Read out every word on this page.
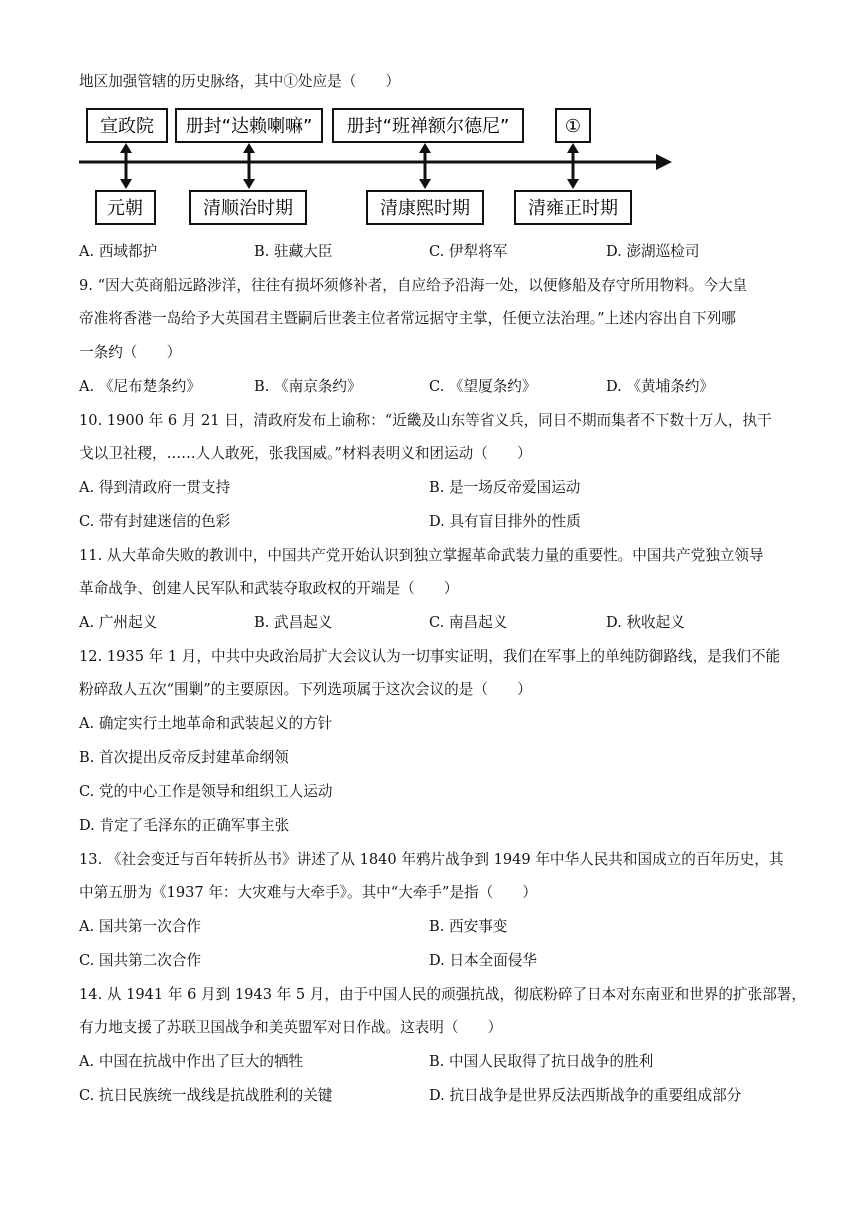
地区加强管辖的历史脉络，其中①处应是（　　）
宣政院 册封“达赖喇嘛” 册封“班禅额尔德尼”	①
元朝	清顺治时期	清康熙时期	清雍正时期
A. 西域都护	B. 驻藏大臣	C. 伊犁将军	D. 澎湖巡检司
9. “因大英商船远路涉洋，往往有损坏须修补者，自应给予沿海一处，以便修船及存守所用物料。今大皇
帝准将香港一岛给予大英国君主暨嗣后世袭主位者常远据守主掌，任便立法治理。”上述内容出自下列哪
一条约（　　）
A. 《尼布楚条约》	B. 《南京条约》	C. 《望厦条约》	D. 《黄埔条约》
10. 1900 年 6 月 21 日，清政府发布上谕称：“近畿及山东等省义兵，同日不期而集者不下数十万人，执干
戈以卫社稷，……人人敢死，张我国威。”材料表明义和团运动（　　）
A. 得到清政府一贯支持	B. 是一场反帝爱国运动
C. 带有封建迷信的色彩	D. 具有盲目排外的性质
11. 从大革命失败的教训中，中国共产党开始认识到独立掌握革命武装力量的重要性。中国共产党独立领导
革命战争、创建人民军队和武装夺取政权的开端是（　　）
A. 广州起义	B. 武昌起义	C. 南昌起义	D. 秋收起义
12. 1935 年 1 月，中共中央政治局扩大会议认为一切事实证明，我们在军事上的单纯防御路线，是我们不能
粉碎敌人五次“围剿”的主要原因。下列选项属于这次会议的是（　　）
A. 确定实行土地革命和武装起义的方针
B. 首次提出反帝反封建革命纲领
C. 党的中心工作是领导和组织工人运动
D. 肯定了毛泽东的正确军事主张
13. 《社会变迁与百年转折丛书》讲述了从 1840 年鸦片战争到 1949 年中华人民共和国成立的百年历史，其
中第五册为《1937 年：大灾难与大牵手》。其中“大牵手”是指（　　）
A. 国共第一次合作	B. 西安事变
C. 国共第二次合作	D. 日本全面侵华
14. 从 1941 年 6 月到 1943 年 5 月，由于中国人民的顽强抗战，彻底粉碎了日本对东南亚和世界的扩张部署，
有力地支援了苏联卫国战争和美英盟军对日作战。这表明（　　）
A. 中国在抗战中作出了巨大的牺牲	B. 中国人民取得了抗日战争的胜利
C. 抗日民族统一战线是抗战胜利的关键	D. 抗日战争是世界反法西斯战争的重要组成部分
